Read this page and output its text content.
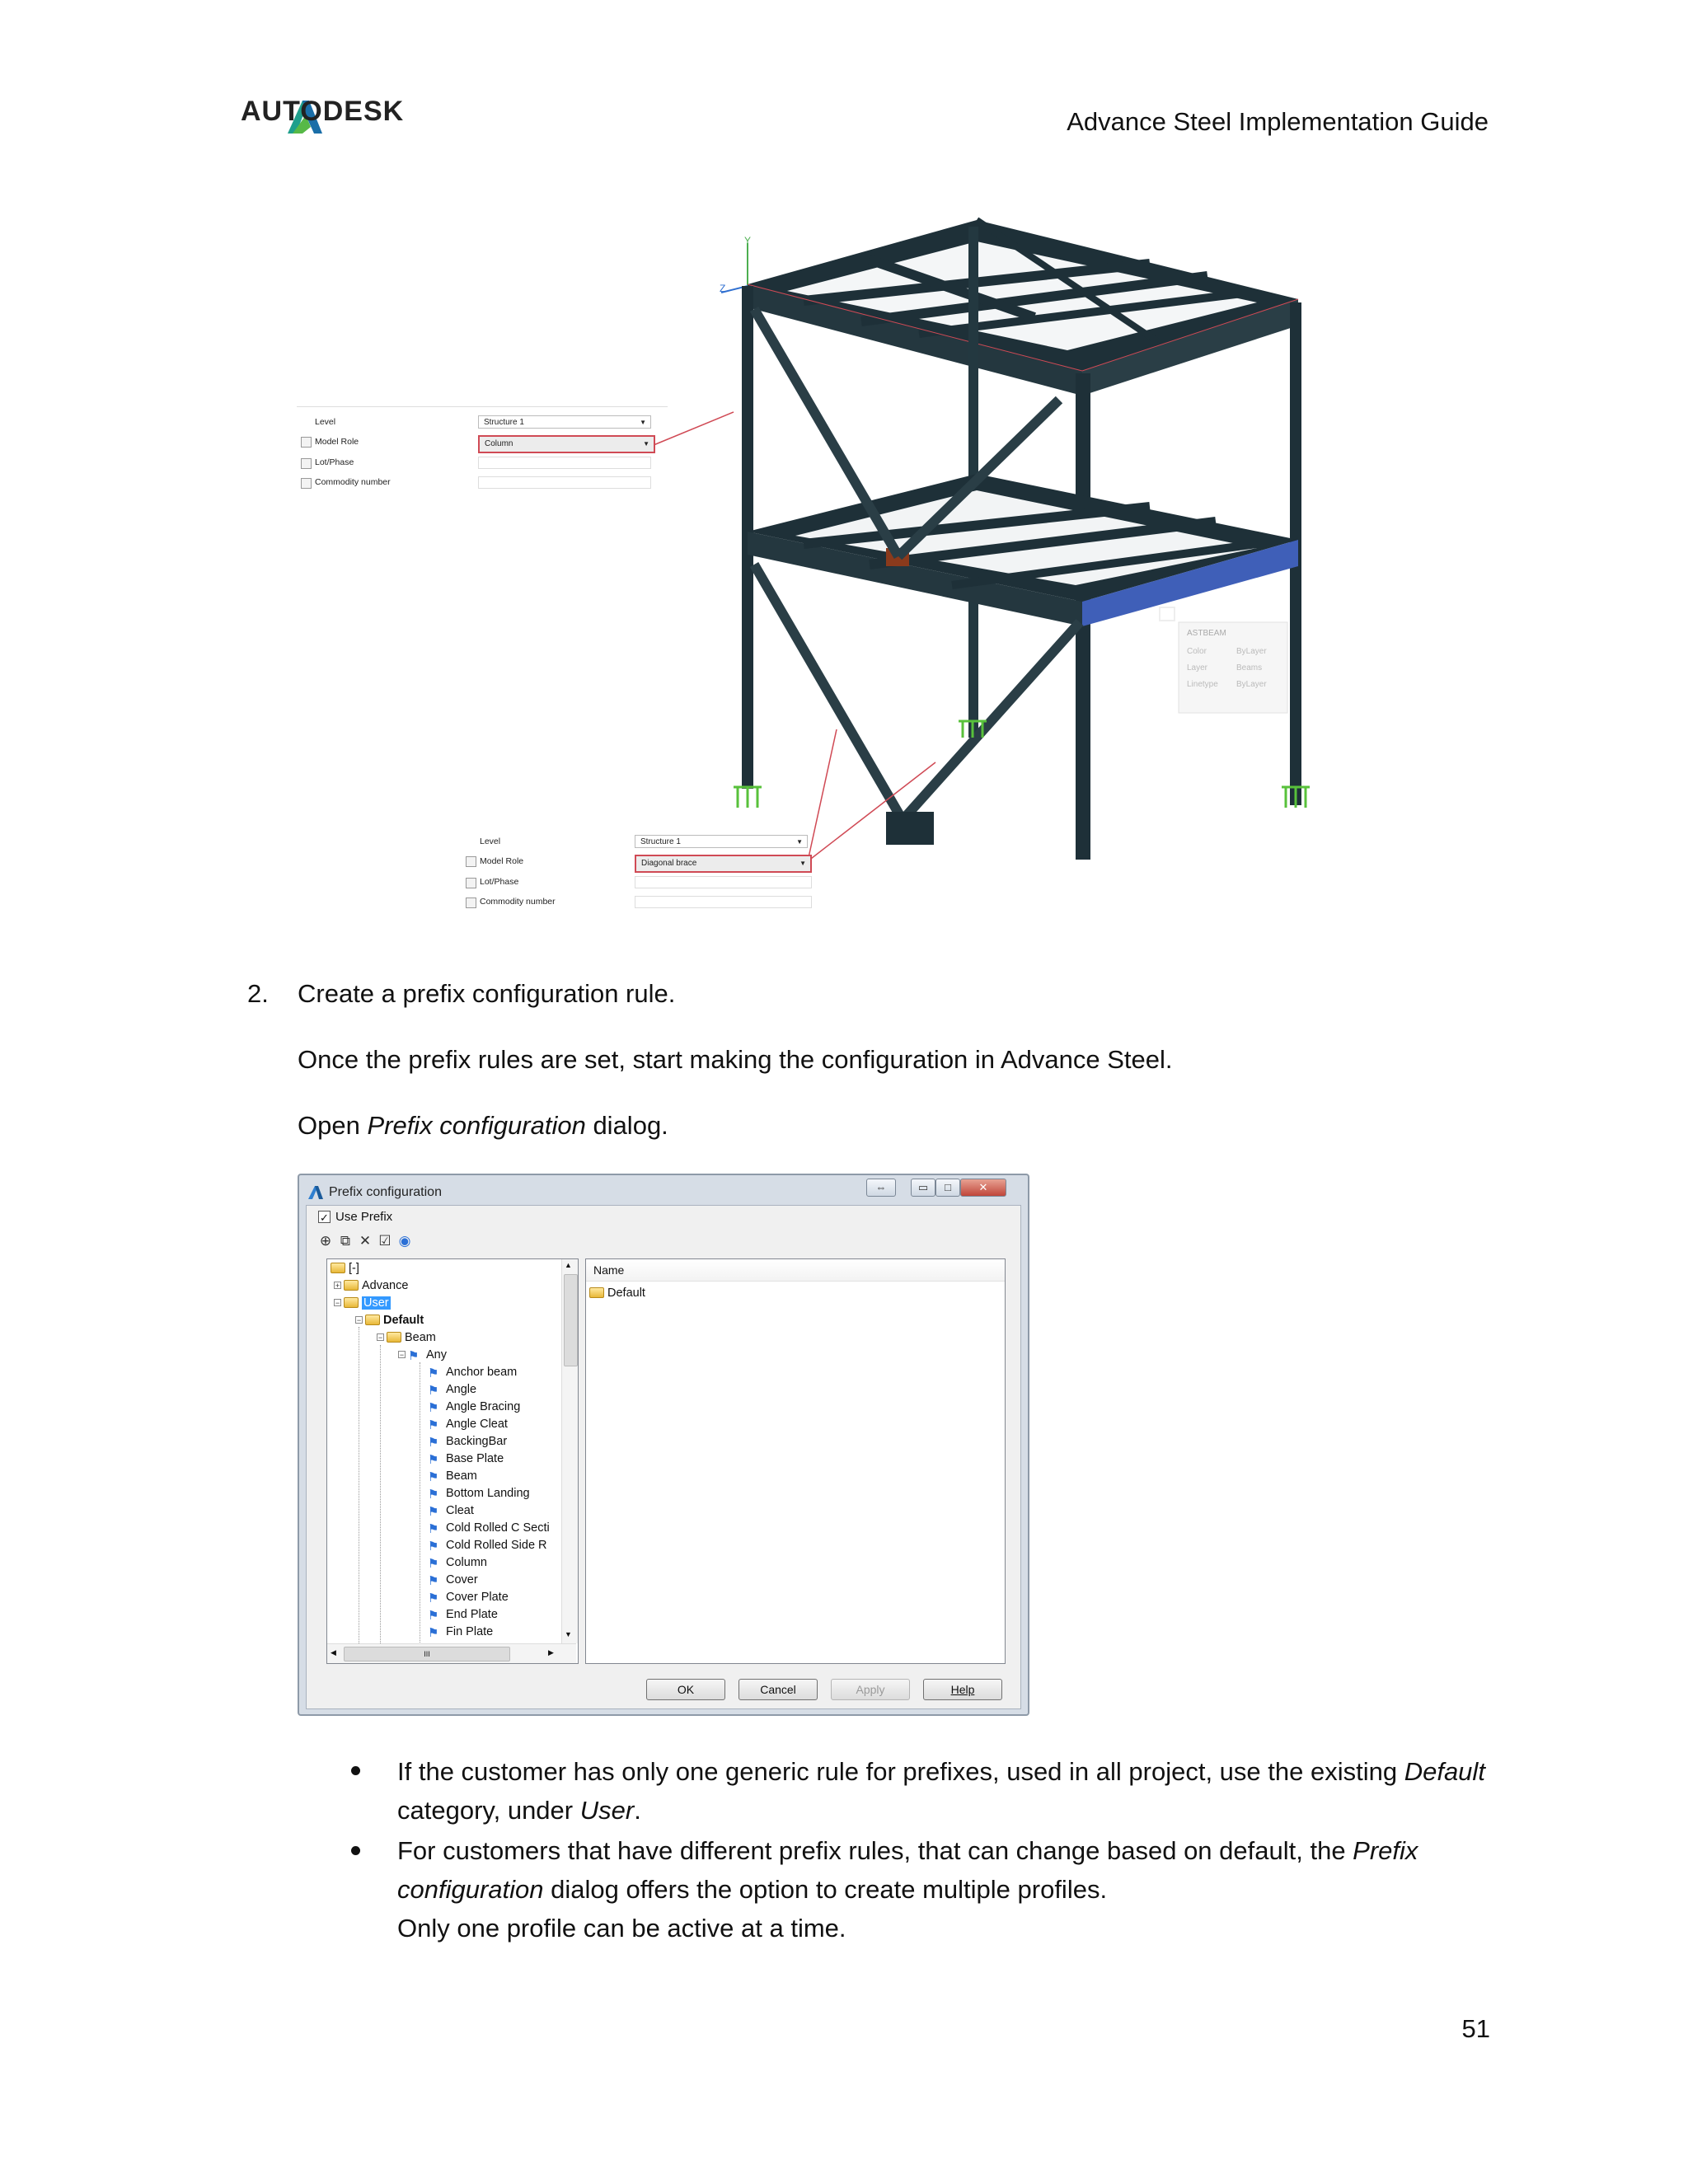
AUTODESK	Advance Steel Implementation Guide
Y
Z
ASTBEAM
Color	ByLayer
Layer	Beams
Linetype ByLayer
Level	Structure 1	▼
Model Role	Column	▼
Lot/Phase
Commodity number
Level	Structure 1	▼
Model Role	Diagonal brace	▼
Lot/Phase
Commodity number
2. Create a prefix configuration rule.
Once the prefix rules are set, start making the configuration in Advance Steel.
Open Prefix configuration dialog.
Prefix configuration	⇔	▭	□	✕
✓ Use Prefix
⊕ ⧉ ✕ ☑ ◉
[-]
+	Advance
−	User
−	Default
−	Beam
− ⚑ Any
⚑ Anchor beam
⚑ Angle
⚑ Angle Bracing
⚑ Angle Cleat
⚑ BackingBar
⚑ Base Plate
⚑ Beam
⚑ Bottom Landing
⚑ Cleat
⚑ Cold Rolled C Secti
⚑ Cold Rolled Side R
⚑ Column
⚑ Cover
⚑ Cover Plate
⚑ End Plate
⚑ Fin Plate
▲
▼
◀	III	▶
Name
Default
OK	Cancel	Apply	Help
If the customer has only one generic rule for prefixes, used in all project, use the existing Default
category, under User.
For customers that have different prefix rules, that can change based on default, the Prefix
configuration dialog offers the option to create multiple profiles.
Only one profile can be active at a time.
51
